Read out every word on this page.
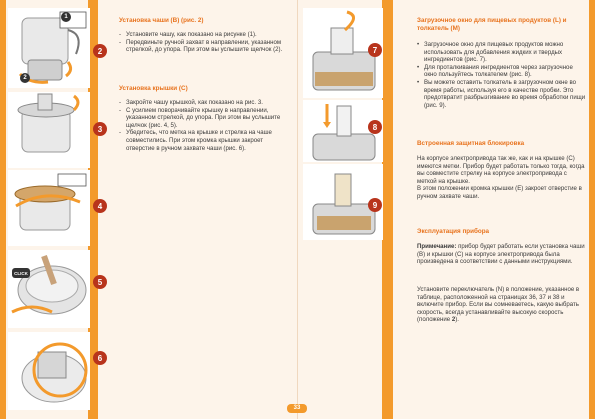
1
2
2
3
4
CLICK
5
6
Установка чаши (B) (рис. 2)
- Установите чашу, как показано на рисунке (1).
- Передвиньте ручной захват в направлении, указанном стрелкой, до упора. При этом вы услышите щелчок (2).
Установка крышки (C)
- Закройте чашу крышкой, как показано на рис. 3.
- С усилием поворачивайте крышку в направлении, указанном стрелкой, до упора. При этом вы услышите щелчок (рис. 4, 5).
- Убедитесь, что метка на крышке и стрелка на чаше совместились. При этом кромка крышки закроет отверстие в ручном захвате чаши (рис. 6).
7
8
9
Загрузочное окно для пищевых продуктов (L) и толкатель (M)
• Загрузочное окно для пищевых продуктов можно использовать для добавления жидких и твердых ингредиентов (рис. 7).
• Для проталкивания ингредиентов через загрузочное окно пользуйтесь толкателем (рис. 8).
• Вы можете оставить толкатель в загрузочном окне во время работы, используя его в качестве пробки. Это предотвратит разбрызгивание во время обработки пищи (рис. 9).
Встроенная защитная блокировка
На корпусе электропривода так же, как и на крышке (C) имеются метки. Прибор будет работать только тогда, когда вы совместите стрелку на корпусе электропривода с меткой на крышке.
В этом положении кромка крышки (E) закроет отверстие в ручном захвате чаши.
Эксплуатация прибора
Примечание: прибор будет работать если установка чаши (B) и крышки (C) на корпусе электропривода была произведена в соответствии с данными инструкциями.
Установите переключатель (N) в положение, указанное в таблице, расположенной на страницах 36, 37 и 38 и включите прибор. Если вы сомневаетесь, какую выбрать скорость, всегда устанавливайте высокую скорость (положение 2).
33
